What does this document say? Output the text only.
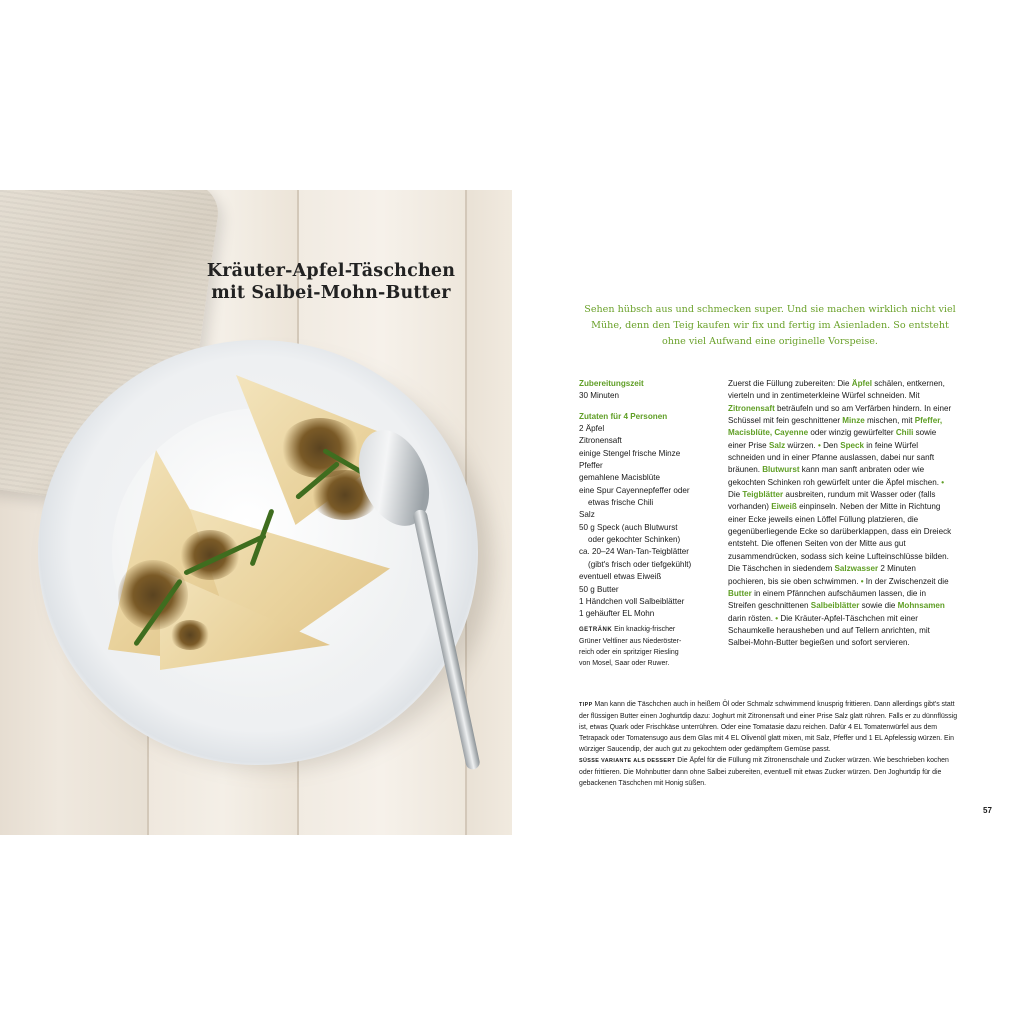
Kräuter-Apfel-Täschchen
mit Salbei-Mohn-Butter

Sehen hübsch aus und schmecken super. Und sie machen wirklich nicht viel
Mühe, denn den Teig kaufen wir fix und fertig im Asienladen. So entsteht
ohne viel Aufwand eine originelle Vorspeise.

Zubereitungszeit
30 Minuten
Zutaten für 4 Personen
2 Äpfel
Zitronensaft
einige Stengel frische Minze
Pfeffer
gemahlene Macisblüte
eine Spur Cayennepfeffer oder
etwas frische Chili
Salz
50 g Speck (auch Blutwurst
oder gekochter Schinken)
ca. 20–24 Wan-Tan-Teigblätter
(gibt's frisch oder tiefgekühlt)
eventuell etwas Eiweiß
50 g Butter
1 Händchen voll Salbeiblätter
1 gehäufter EL Mohn
GETRÄNK Ein knackig-frischer
Grüner Veltliner aus Niederöster-
reich oder ein spritziger Riesling
von Mosel, Saar oder Ruwer.

Zuerst die Füllung zubereiten: Die Äpfel schälen, entkernen, vierteln und in zentimeterkleine Würfel schneiden. Mit Zitronensaft beträufeln und so am Verfärben hindern. In einer Schüssel mit fein geschnittener Minze mischen, mit Pfeffer, Macisblüte, Cayenne oder winzig gewürfelter Chili sowie einer Prise Salz würzen. • Den Speck in feine Würfel schneiden und in einer Pfanne auslassen, dabei nur sanft bräunen. Blutwurst kann man sanft anbraten oder wie gekochten Schinken roh gewürfelt unter die Äpfel mischen. • Die Teigblätter ausbreiten, rundum mit Wasser oder (falls vorhanden) Eiweiß einpinseln. Neben der Mitte in Richtung einer Ecke jeweils einen Löffel Füllung platzieren, die gegenüberliegende Ecke so darüberklappen, dass ein Dreieck entsteht. Die offenen Seiten von der Mitte aus gut zusammendrücken, sodass sich keine Lufteinschlüsse bilden. Die Täschchen in siedendem Salzwasser 2 Minuten pochieren, bis sie oben schwimmen. • In der Zwischenzeit die Butter in einem Pfännchen aufschäumen lassen, die in Streifen geschnittenen Salbeiblätter sowie die Mohnsamen darin rösten. • Die Kräuter-Apfel-Täschchen mit einer Schaumkelle herausheben und auf Tellern anrichten, mit Salbei-Mohn-Butter begießen und sofort servieren.

TIPP Man kann die Täschchen auch in heißem Öl oder Schmalz schwimmend knusprig frittieren. Dann allerdings gibt's statt der flüssigen Butter einen Joghurtdip dazu: Joghurt mit Zitronensaft und einer Prise Salz glatt rühren. Falls er zu dünnflüssig ist, etwas Quark oder Frischkäse unterrühren. Oder eine Tomatasie dazu reichen. Dafür 4 EL Tomatenwürfel aus dem Tetrapack oder Tomatensugo aus dem Glas mit 4 EL Olivenöl glatt mixen, mit Salz, Pfeffer und 1 EL Apfelessig würzen. Ein würziger Saucendip, der auch gut zu gekochtem oder gedämpftem Gemüse passt.

SÜSSE VARIANTE ALS DESSERT Die Äpfel für die Füllung mit Zitronenschale und Zucker würzen. Wie beschrieben kochen oder frittieren. Die Mohnbutter dann ohne Salbei zubereiten, eventuell mit etwas Zucker würzen. Den Joghurtdip für die gebackenen Täschchen mit Honig süßen.

57
